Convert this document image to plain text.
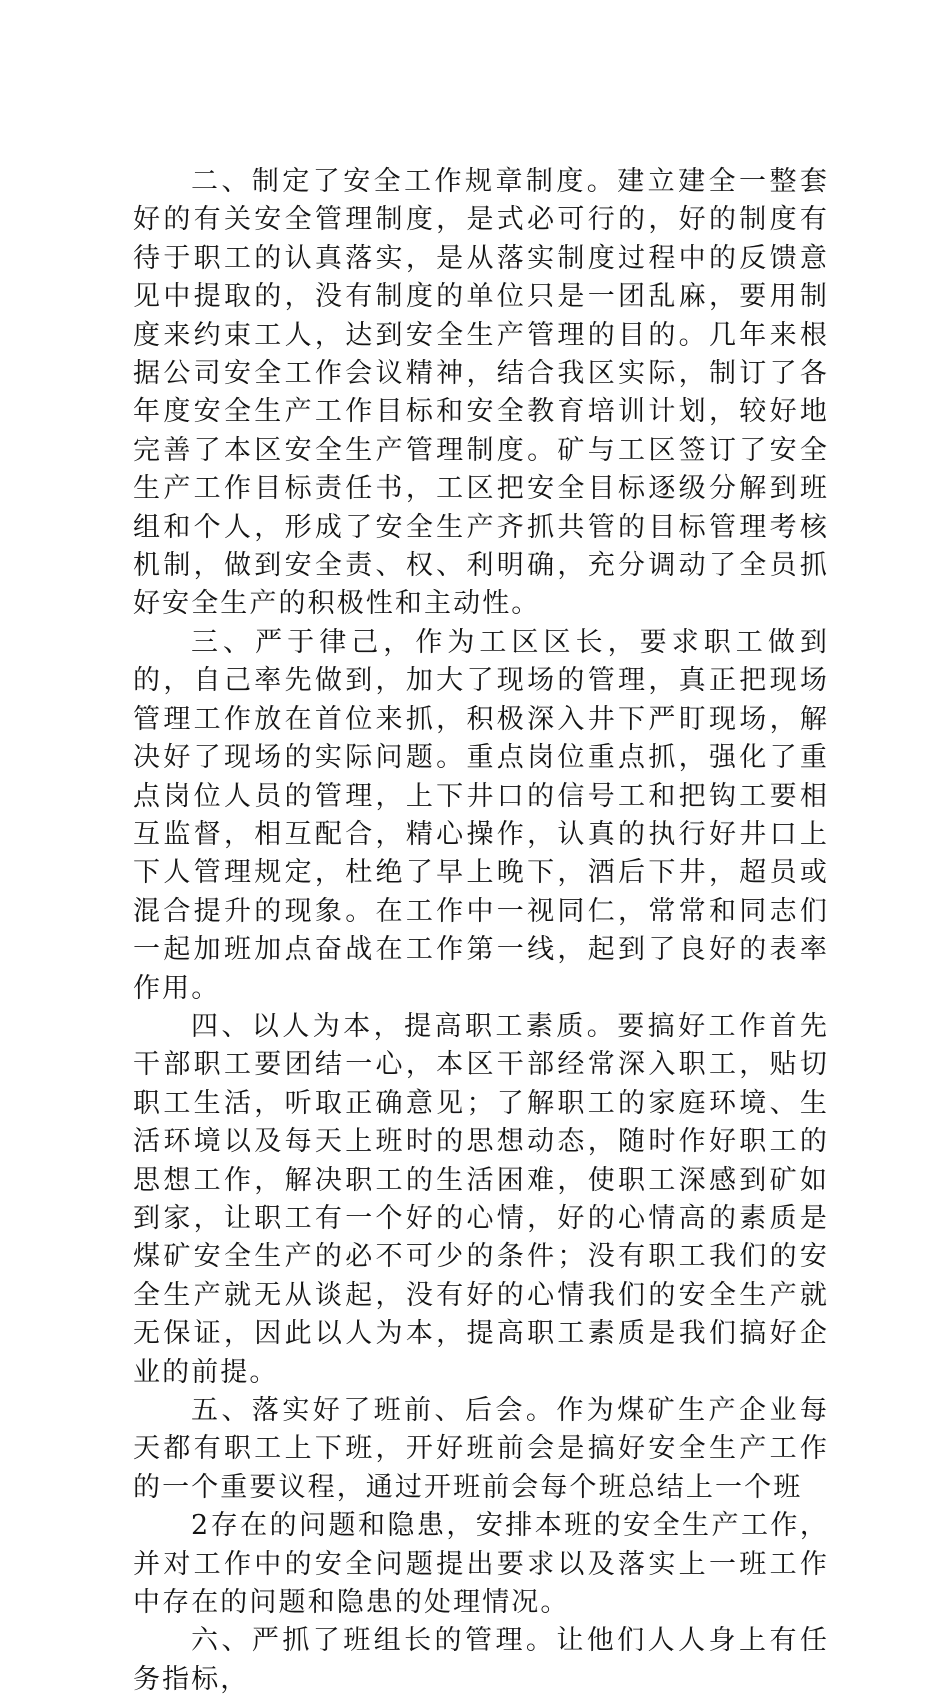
二、制定了安全工作规章制度。建立建全一整套好的有关安全管理制度，是式必可行的，好的制度有待于职工的认真落实，是从落实制度过程中的反馈意见中提取的，没有制度的单位只是一团乱麻，要用制度来约束工人，达到安全生产管理的目的。几年来根据公司安全工作会议精神，结合我区实际，制订了各年度安全生产工作目标和安全教育培训计划，较好地完善了本区安全生产管理制度。矿与工区签订了安全生产工作目标责任书，工区把安全目标逐级分解到班组和个人，形成了安全生产齐抓共管的目标管理考核机制，做到安全责、权、利明确，充分调动了全员抓好安全生产的积极性和主动性。

三、严于律己，作为工区区长，要求职工做到的，自己率先做到，加大了现场的管理，真正把现场管理工作放在首位来抓，积极深入井下严盯现场，解决好了现场的实际问题。重点岗位重点抓，强化了重点岗位人员的管理，上下井口的信号工和把钩工要相互监督，相互配合，精心操作，认真的执行好井口上下人管理规定，杜绝了早上晚下，酒后下井，超员或混合提升的现象。在工作中一视同仁，常常和同志们一起加班加点奋战在工作第一线，起到了良好的表率作用。

四、以人为本，提高职工素质。要搞好工作首先干部职工要团结一心，本区干部经常深入职工，贴切职工生活，听取正确意见；了解职工的家庭环境、生活环境以及每天上班时的思想动态，随时作好职工的思想工作，解决职工的生活困难，使职工深感到矿如到家，让职工有一个好的心情，好的心情高的素质是煤矿安全生产的必不可少的条件；没有职工我们的安全生产就无从谈起，没有好的心情我们的安全生产就无保证，因此以人为本，提高职工素质是我们搞好企业的前提。

五、落实好了班前、后会。作为煤矿生产企业每天都有职工上下班，开好班前会是搞好安全生产工作的一个重要议程，通过开班前会每个班总结上一个班

2存在的问题和隐患，安排本班的安全生产工作，并对工作中的安全问题提出要求以及落实上一班工作中存在的问题和隐患的处理情况。

六、严抓了班组长的管理。让他们人人身上有任务指标，
